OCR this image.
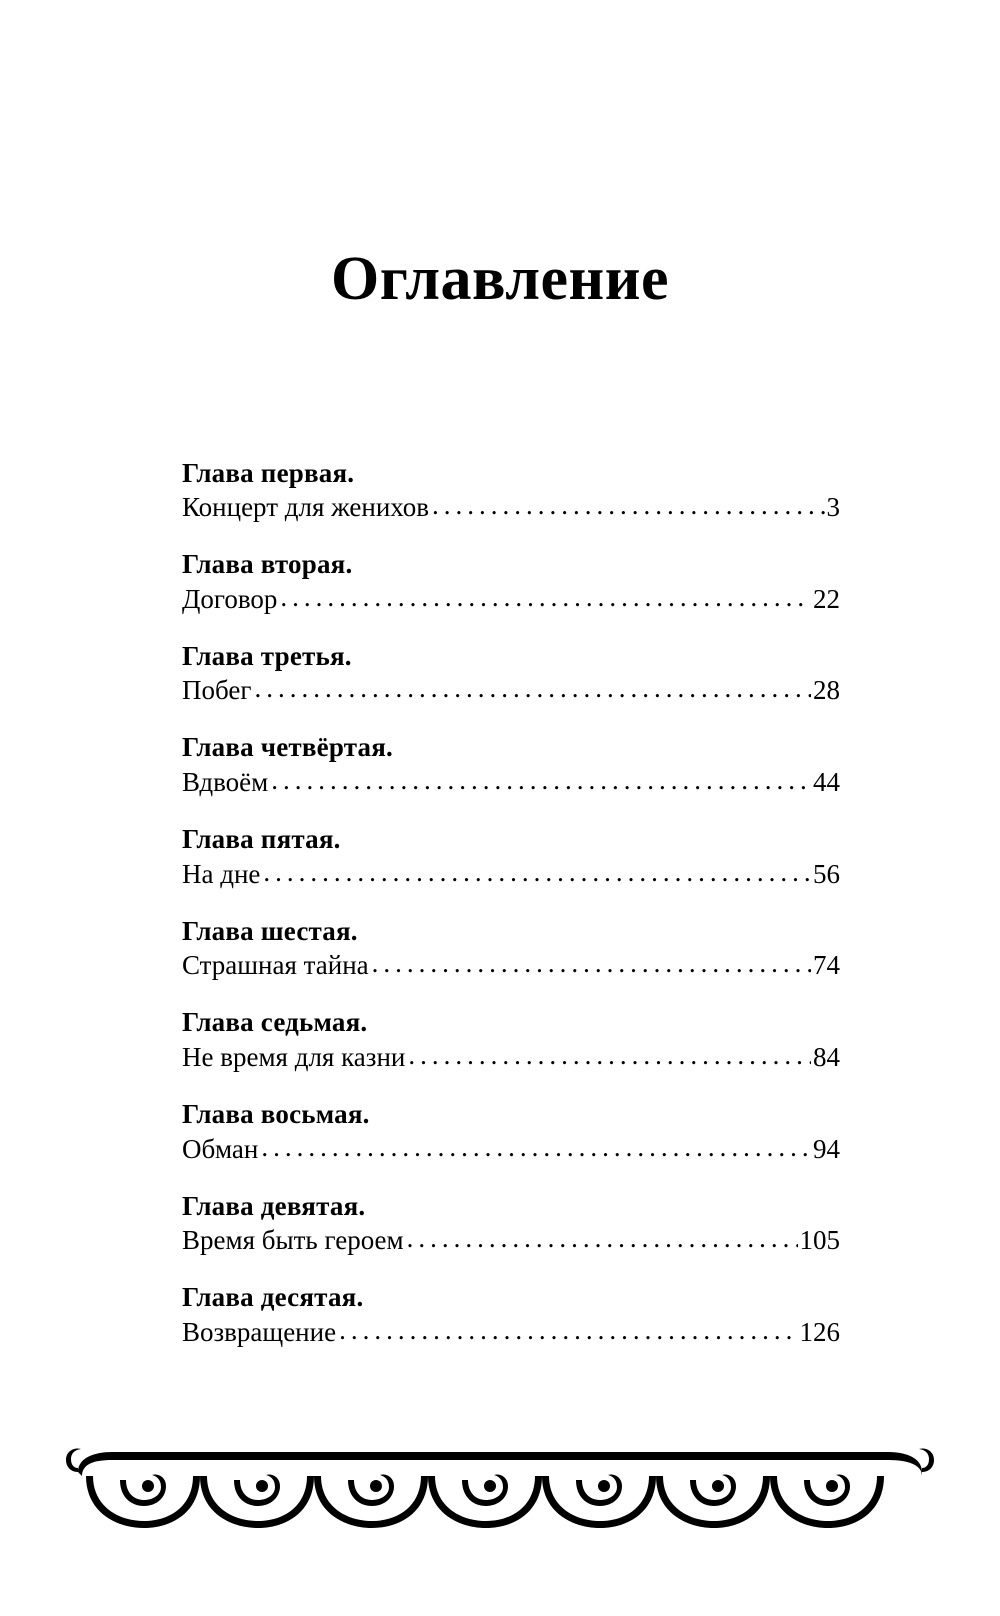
Оглавление
Глава первая.
Концерт для женихов .....	3
Глава вторая.
Договор .....	22
Глава третья.
Побег .....	28
Глава четвёртая.
Вдвоём .....	44
Глава пятая.
На дне .....	56
Глава шестая.
Страшная тайна .....	74
Глава седьмая.
Не время для казни .....	84
Глава восьмая.
Обман .....	94
Глава девятая.
Время быть героем .....	105
Глава десятая.
Возвращение .....	126
